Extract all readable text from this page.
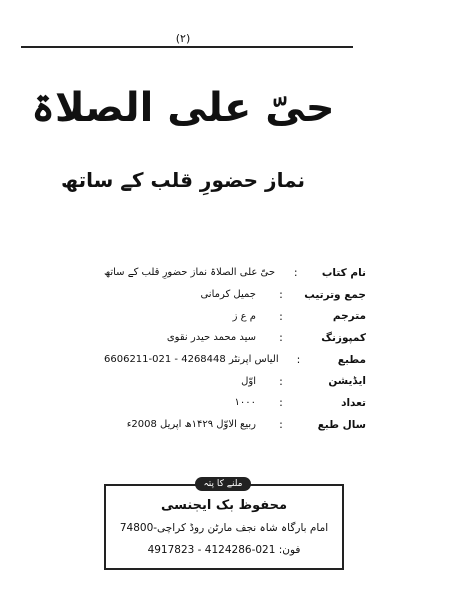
(۲)
حیّ علی الصلاۃ
نماز حضورِ قلب کے ساتھ
نام کتاب
:
حیّ علی الصلاۃ نماز حضورِ قلب کے ساتھ
جمع وترتیب
:
جمیل کرمانی
مترجم
:
م ع ز
کمپوزنگ
:
سید محمد حیدر نقوی
مطبع
:
الیاس اپرنٹر 4268448 - 021-6606211
ایڈیشن
:
اوّل
تعداد
:
۱۰۰۰
سال طبع
:
ربیع الاوّل ۱۴۲۹ھ اپریل 2008ء
محفوظ بک ایجنسی
امام بارگاہ شاہ نجف مارٹن روڈ کراچی-74800
فون: 021-4124286 - 4917823
ملنے کا پتہ
